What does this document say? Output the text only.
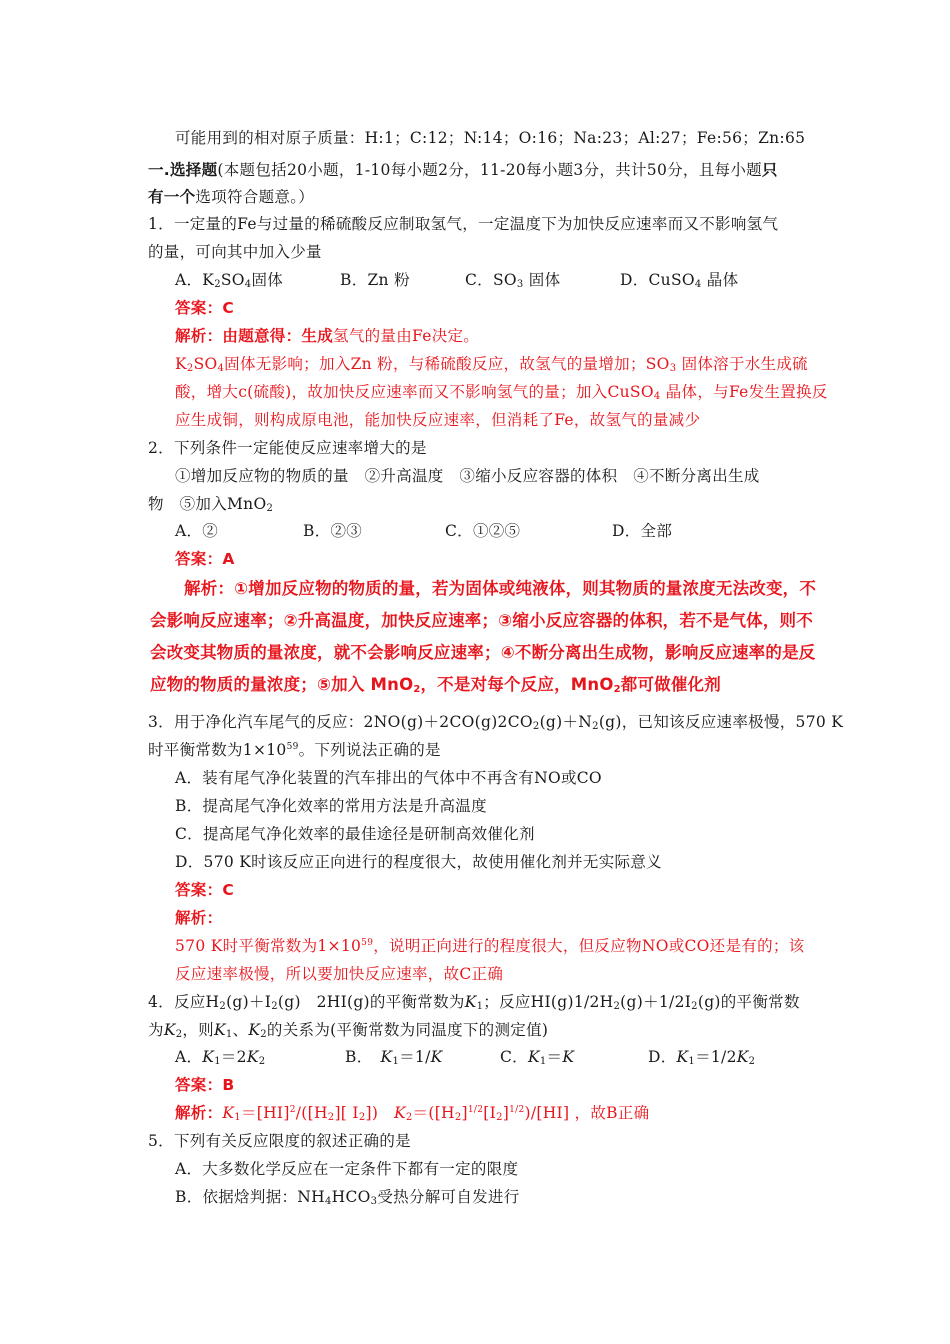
可能用到的相对原子质量：H:1；C:12；N:14；O:16；Na:23；Al:27；Fe:56；Zn:65
一.选择题(本题包括20小题，1-10每小题2分，11-20每小题3分，共计50分，且每小题只
有一个选项符合题意。）
1．一定量的Fe与过量的稀硫酸反应制取氢气，一定温度下为加快反应速率而又不影响氢气
的量，可向其中加入少量
A．$K_2SO_4$固体	B．Zn 粉	C．$SO_3$ 固体	D．CuSO$_4$ 晶体
答案：C
解析：由题意得：生成氢气的量由Fe决定。
$K_2SO_4$固体无影响；加入Zn 粉，与稀硫酸反应，故氢气的量增加；$SO_3$ 固体溶于水生成硫
酸，增大c(硫酸)，故加快反应速率而又不影响氢气的量；加入CuSO$_4$ 晶体，与Fe发生置换反
应生成铜，则构成原电池，能加快反应速率，但消耗了Fe，故氢气的量减少
2．下列条件一定能使反应速率增大的是
①增加反应物的物质的量　②升高温度　③缩小反应容器的体积　④不断分离出生成
物　⑤加入MnO$_2$
A．②	B．②③	C．①②⑤	D．全部
答案：A
解析：①增加反应物的物质的量，若为固体或纯液体，则其物质的量浓度无法改变，不
会影响反应速率；②升高温度，加快反应速率；③缩小反应容器的体积，若不是气体，则不
会改变其物质的量浓度，就不会影响反应速率；④不断分离出生成物，影响反应速率的是反
应物的物质的量浓度；⑤加入 MnO$_2$，不是对每个反应，MnO$_2$都可做催化剂
3．用于净化汽车尾气的反应：$2NO(g)+2CO(g)2CO_2(g)+N_2(g)$，已知该反应速率极慢，570 K
时平衡常数为$1\times 10^{59}$。下列说法正确的是
A．装有尾气净化装置的汽车排出的气体中不再含有NO或CO
B．提高尾气净化效率的常用方法是升高温度
C．提高尾气净化效率的最佳途径是研制高效催化剂
D．570 K时该反应正向进行的程度很大，故使用催化剂并无实际意义
答案：C
解析：
570 K时平衡常数为$1\times 10^{59}$，说明正向进行的程度很大，但反应物NO或CO还是有的；该
反应速率极慢，所以要加快反应速率，故C正确
4．反应$H_2(g)+I_2(g)$　2HI(g)的平衡常数为$K_1$；反应$HI(g)1/2H_2(g)+1/2I_2(g)$的平衡常数
为$K_2$，则$K_1$、$K_2$的关系为(平衡常数为同温度下的测定值)
A．$K_1=2K_2$	B．　$K_1=1/K$	C．$K_1=K$	D．$K_1=1/2K_2$
答案：B
解析：$K_1=[HI]^2/([H_2]$[ $I_2$])　$K_2=([H_2]^{1/2}[I_2]^{1/2})/[HI]$ ，故B正确
5．下列有关反应限度的叙述正确的是
A．大多数化学反应在一定条件下都有一定的限度
B．依据焓判据：$NH_4HCO_3$受热分解可自发进行
